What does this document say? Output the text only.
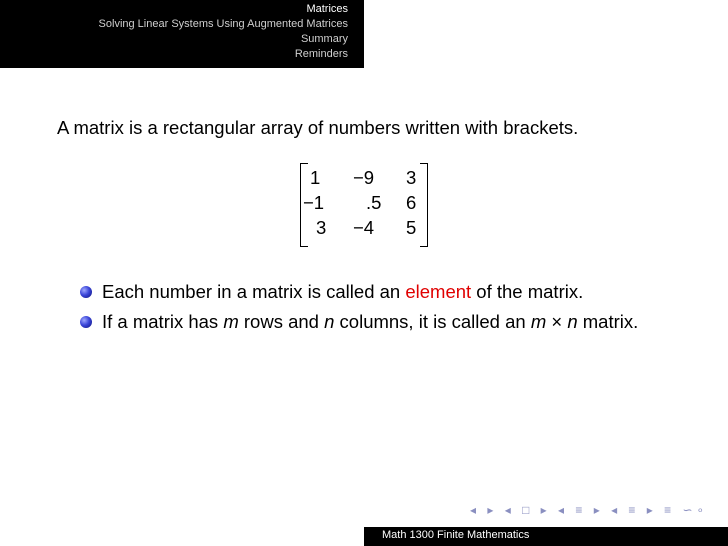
Matrices
Solving Linear Systems Using Augmented Matrices
Summary
Reminders
A matrix is a rectangular array of numbers written with brackets.
1 −9 3
−1 .5 6
3 −4 5
Each number in a matrix is called an element of the matrix.
If a matrix has m rows and n columns, it is called an m × n matrix.
◂ ▸ ◂ □ ▸ ◂ ≡ ▸ ◂ ≡ ▸ ≡ ∽∘
Math 1300 Finite Mathematics
